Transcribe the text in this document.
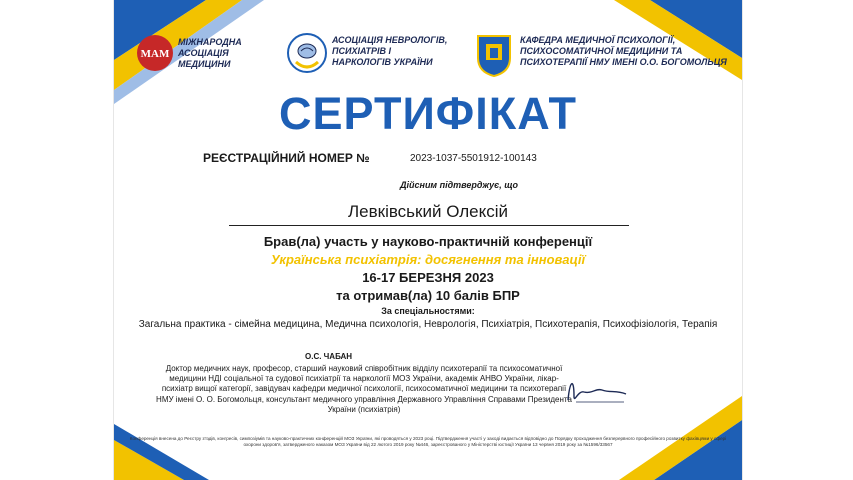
MAM
МІЖНАРОДНА
АСОЦІАЦІЯ
МЕДИЦИНИ
АСОЦІАЦІЯ НЕВРОЛОГІВ,
ПСИХІАТРІВ І
НАРКОЛОГІВ УКРАЇНИ
КАФЕДРА МЕДИЧНОЇ ПСИХОЛОГІЇ,
ПСИХОСОМАТИЧНОЇ МЕДИЦИНИ ТА
ПСИХОТЕРАПІЇ НМУ ІМЕНІ О.О. БОГОМОЛЬЦЯ
СЕРТИФІКАТ
РЕЄСТРАЦІЙНИЙ НОМЕР №	2023-1037-5501912-100143
Дійсним підтверджує, що
Левківський Олексій
Брав(ла) участь у науково-практичній конференції
Українська психіатрія: досягнення та інновації
16-17 БЕРЕЗНЯ 2023
та отримав(ла) 10 балів БПР
За спеціальностями:
Загальна практика - сімейна медицина, Медична психологія, Неврологія, Психіатрія, Психотерапія, Психофізіологія, Терапія
О.С. ЧАБАН
Доктор медичних наук, професор, старший науковий співробітник відділу психотерапії та психосоматичної медицини НДІ соціальної та судової психіатрії та наркології МОЗ України, академік АНВО України, лікар-психіатр вищої категорії, завідувач кафедри медичної психології, психосоматичної медицини та психотерапії НМУ імені О. О. Богомольця, консультант медичного управління Державного Управління Справами Президента України (психіатрія)
Конференція внесена до Реєстру з'їздів, конгресів, симпозіумів та науково-практичних конференцій МОЗ України, які проводяться у 2023 році. Підтвердження участі у заході видається відповідно до Порядку проходження безперервного професійного розвитку фахівцями у сфері охорони здоров'я, затвердженого наказом МОЗ України від 22 лютого 2019 року №446, зареєстрованого у Міністерстві юстиції України 13 червня 2019 року за №1596/33567
